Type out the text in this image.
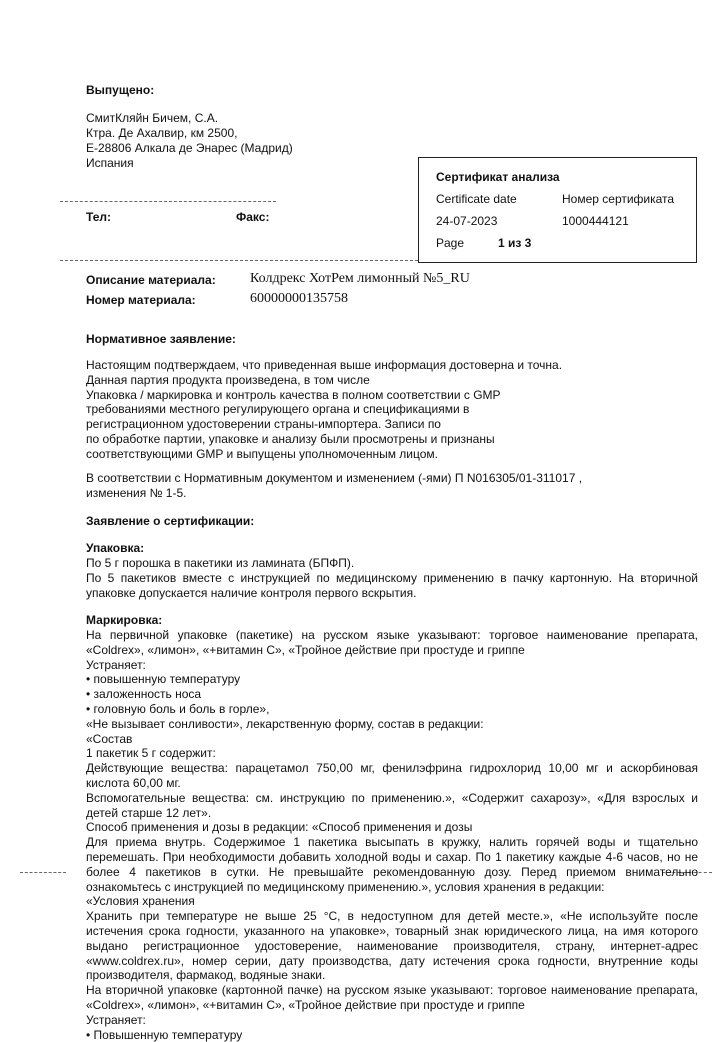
Выпущено:
СмитКляйн Бичем, С.А.
Ктра. Де Ахалвир, км 2500,
E-28806 Алкала де Энарес (Мадрид)
Испания
Тел:	Факс:
Сертификат анализа
Certificate date	Номер сертификата
24-07-2023	1000444121
Page	1 из 3
Описание материала: Колдрекс ХотРем лимонный №5_RU
Номер материала:	60000000135758
Нормативное заявление:
Настоящим подтверждаем, что приведенная выше информация достоверна и точна.
Данная партия продукта произведена, в том числе
Упаковка / маркировка и контроль качества в полном соответствии с GMP
требованиями местного регулирующего органа и спецификациями в
регистрационном удостоверении страны-импортера. Записи по
по обработке партии, упаковке и анализу были просмотрены и признаны
соответствующими GMP и выпущены уполномоченным лицом.
В соответствии с Нормативным документом и изменением (-ями) П N016305/01-311017 ,
изменения № 1-5.
Заявление о сертификации:
Упаковка:
По 5 г порошка в пакетики из ламината (БПФП).
По 5 пакетиков вместе с инструкцией по медицинскому применению в пачку картонную. На вторичной
упаковке допускается наличие контроля первого вскрытия.
Маркировка:
На первичной упаковке (пакетике) на русском языке указывают: торговое наименование препарата,
«Coldrex», «лимон», «+витамин С», «Тройное действие при простуде и гриппе
Устраняет:
• повышенную температуру
• заложенность носа
• головную боль и боль в горле»,
«Не вызывает сонливости», лекарственную форму, состав в редакции:
«Состав
1 пакетик 5 г содержит:
Действующие вещества: парацетамол 750,00 мг, фенилэфрина гидрохлорид 10,00 мг и аскорбиновая
кислота 60,00 мг.
Вспомогательные вещества: см. инструкцию по применению.», «Содержит сахарозу», «Для взрослых и
детей старше 12 лет».
Способ применения и дозы в редакции: «Способ применения и дозы
Для приема внутрь. Содержимое 1 пакетика высыпать в кружку, налить горячей воды и тщательно
перемешать. При необходимости добавить холодной воды и сахар. По 1 пакетику каждые 4-6 часов, но не
более 4 пакетиков в сутки. Не превышайте рекомендованную дозу. Перед приемом внимательно
ознакомьтесь с инструкцией по медицинскому применению.», условия хранения в редакции:
«Условия хранения
Хранить при температуре не выше 25 °С, в недоступном для детей месте.», «Не используйте после
истечения срока годности, указанного на упаковке», товарный знак юридического лица, на имя которого
выдано регистрационное удостоверение, наименование производителя, страну, интернет-адрес
«www.coldrex.ru», номер серии, дату производства, дату истечения срока годности, внутренние коды
производителя, фармакод, водяные знаки.
На вторичной упаковке (картонной пачке) на русском языке указывают: торговое наименование препарата,
«Coldrex», «лимон», «+витамин С», «Тройное действие при простуде и гриппе
Устраняет:
• Повышенную температуру
